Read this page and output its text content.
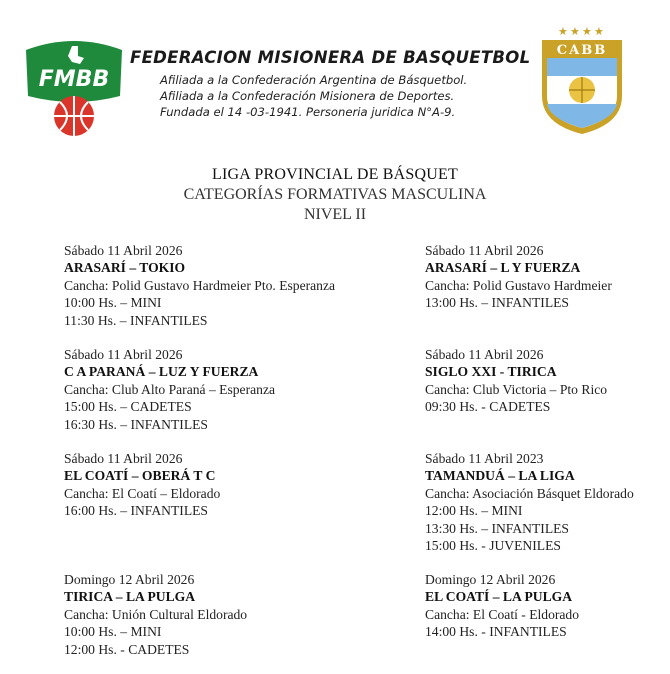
FMBB
FEDERACION MISIONERA DE BASQUETBOL
Afiliada a la Confederación Argentina de Básquetbol.
Afiliada a la Confederación Misionera de Deportes.
Fundada el 14 -03-1941. Personeria juridica N°A-9.
★ ★ ★ ★
CABB
LIGA PROVINCIAL DE BÁSQUET
CATEGORÍAS FORMATIVAS MASCULINA
NIVEL II
Sábado 11 Abril 2026
ARASARÍ – TOKIO
Cancha: Polid Gustavo Hardmeier Pto. Esperanza
10:00 Hs. – MINI
11:30 Hs. – INFANTILES
Sábado 11 Abril 2026
ARASARÍ – L Y FUERZA
Cancha: Polid Gustavo Hardmeier
13:00 Hs. – INFANTILES
Sábado 11 Abril 2026
C A PARANÁ – LUZ Y FUERZA
Cancha: Club Alto Paraná – Esperanza
15:00 Hs. – CADETES
16:30 Hs. – INFANTILES
Sábado 11 Abril 2026
SIGLO XXI - TIRICA
Cancha: Club Victoria – Pto Rico
09:30 Hs. - CADETES
Sábado 11 Abril 2026
EL COATÍ – OBERÁ T C
Cancha: El Coatí – Eldorado
16:00 Hs. – INFANTILES
Sábado 11 Abril 2023
TAMANDUÁ – LA LIGA
Cancha: Asociación Básquet Eldorado
12:00 Hs. – MINI
13:30 Hs. – INFANTILES
15:00 Hs. - JUVENILES
Domingo 12 Abril 2026
TIRICA – LA PULGA
Cancha: Unión Cultural Eldorado
10:00 Hs. – MINI
12:00 Hs. - CADETES
Domingo 12 Abril 2026
EL COATÍ – LA PULGA
Cancha: El Coatí - Eldorado
14:00 Hs. - INFANTILES
